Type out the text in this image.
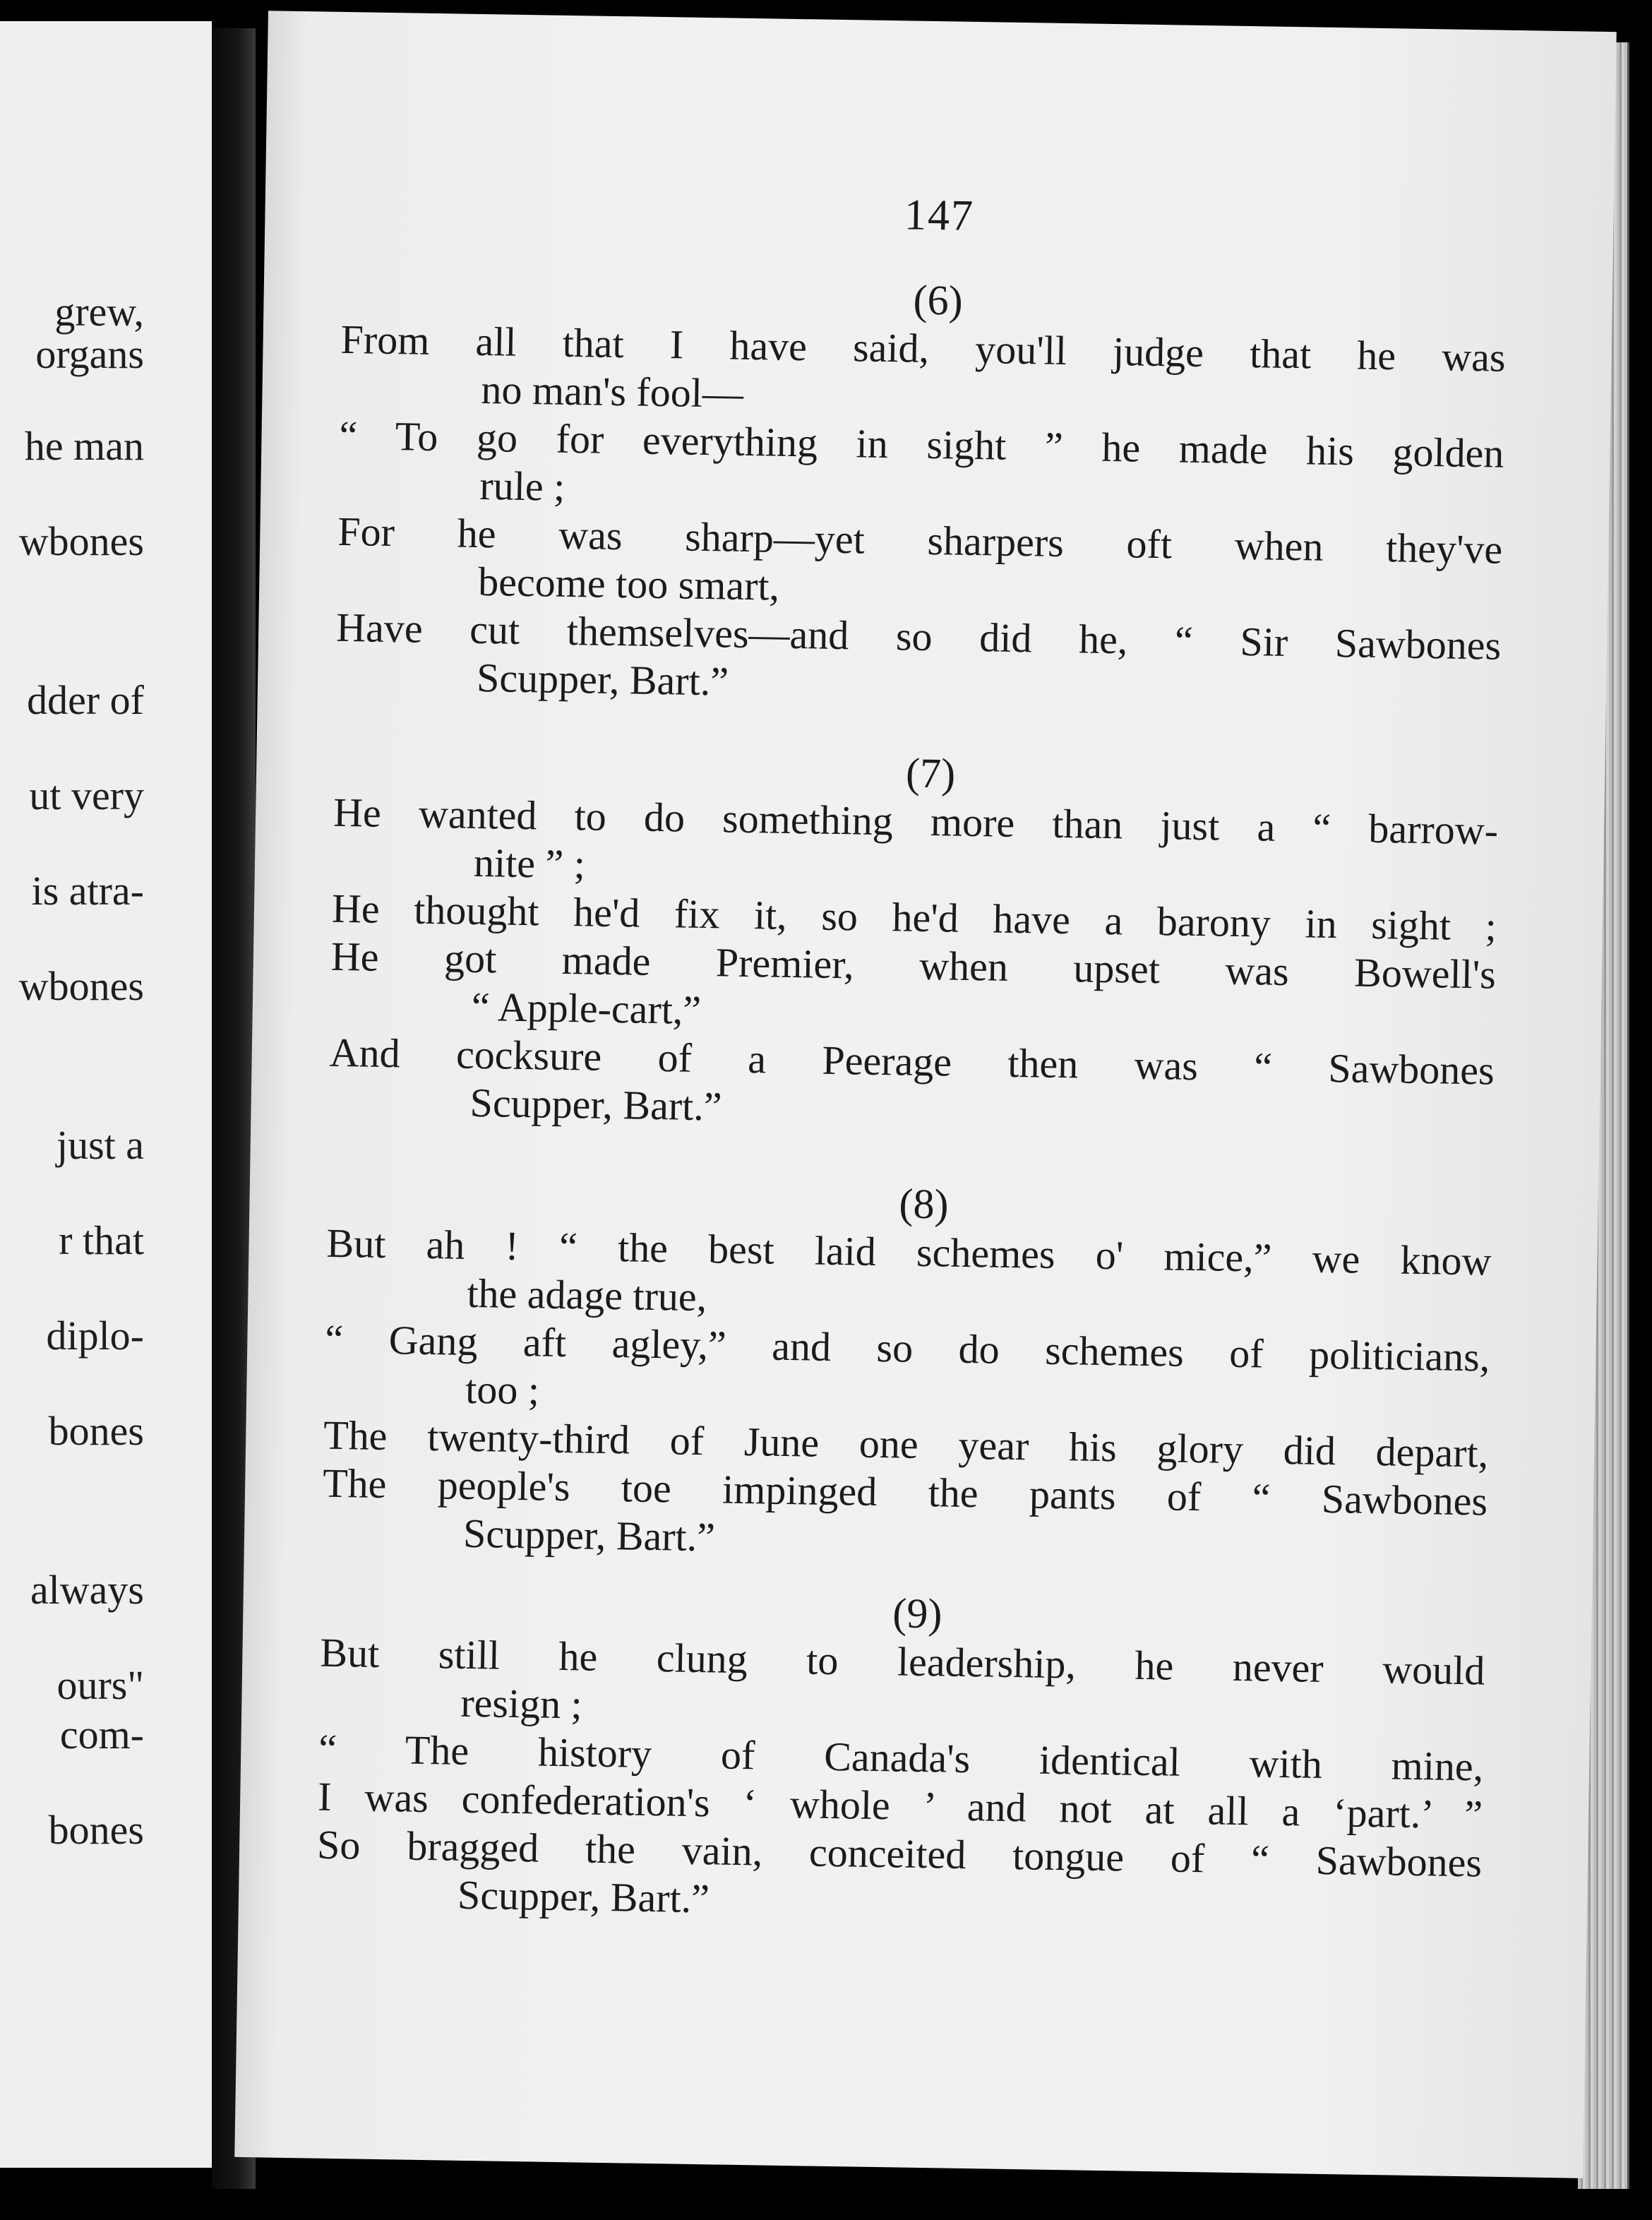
grew,
organs
he man
wbones
dder of
ut very
is atra-
wbones
just a
r that
diplo-
bones
always
ours"
com-
bones
147
(6)
From all that I have said, you'll judge that he was
no man's fool—
“ To go for everything in sight ” he made his golden
rule ;
For he was sharp—yet sharpers oft when they've
become too smart,
Have cut themselves—and so did he, “ Sir Sawbones
Scupper, Bart.”
(7)
He wanted to do something more than just a “ barrow-
nite ” ;
He thought he'd fix it, so he'd have a barony in sight ;
He got made Premier, when upset was Bowell's
“ Apple-cart,”
And cocksure of a Peerage then was “ Sawbones
Scupper, Bart.”
(8)
But ah ! “ the best laid schemes o' mice,” we know
the adage true,
“ Gang aft agley,” and so do schemes of politicians,
too ;
The twenty-third of June one year his glory did depart,
The people's toe impinged the pants of “ Sawbones
Scupper, Bart.”
(9)
But still he clung to leadership, he never would
resign ;
“ The history of Canada's identical with mine,
I was confederation's ‘ whole ’ and not at all a ‘part.’ ”
So bragged the vain, conceited tongue of “ Sawbones
Scupper, Bart.”
